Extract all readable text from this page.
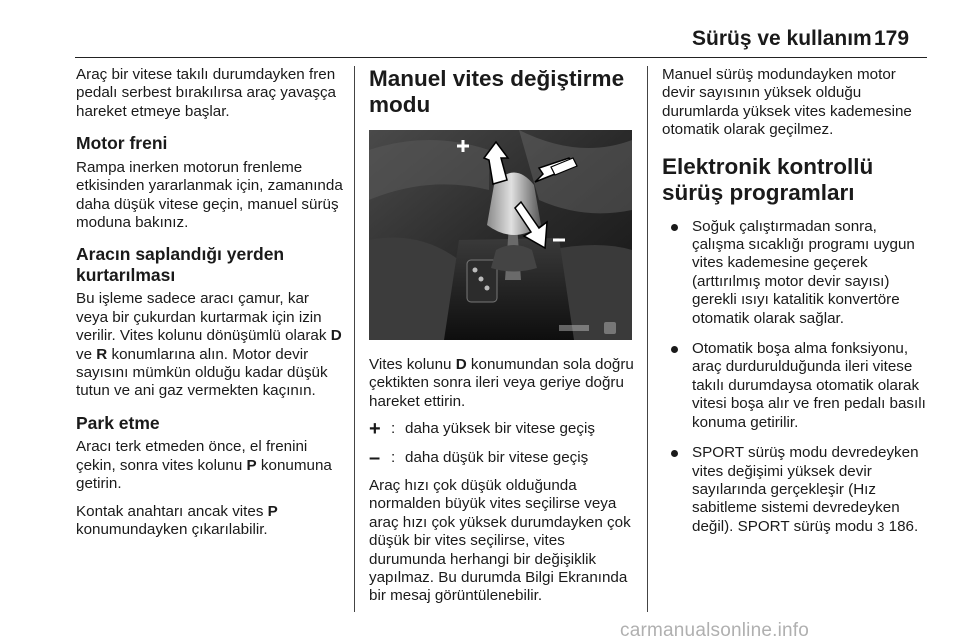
Sürüş ve kullanım 179

Araç bir vitese takılı durumdayken fren pedalı serbest bırakılırsa araç yavaşça hareket etmeye başlar.

Motor freni

Rampa inerken motorun frenleme etkisinden yararlanmak için, zamanında daha düşük vitese geçin, manuel sürüş moduna bakınız.

Aracın saplandığı yerden kurtarılması

Bu işleme sadece aracı çamur, kar veya bir çukurdan kurtarmak için izin verilir. Vites kolunu dönüşümlü olarak D ve R konumlarına alın. Motor devir sayısını mümkün olduğu kadar düşük tutun ve ani gaz vermekten kaçının.

Park etme

Aracı terk etmeden önce, el frenini çekin, sonra vites kolunu P konumuna getirin.

Kontak anahtarı ancak vites P konumundayken çıkarılabilir.

Manuel vites değiştirme modu

Vites kolunu D konumundan sola doğru çektikten sonra ileri veya geriye doğru hareket ettirin.

+ : daha yüksek bir vitese geçiş
– : daha düşük bir vitese geçiş

Araç hızı çok düşük olduğunda normalden büyük vites seçilirse veya araç hızı çok yüksek durumdayken çok düşük bir vites seçilirse, vites durumunda herhangi bir değişiklik yapılmaz. Bu durumda Bilgi Ekranında bir mesaj görüntülenebilir.

Manuel sürüş modundayken motor devir sayısının yüksek olduğu durumlarda yüksek vites kademesine otomatik olarak geçilmez.

Elektronik kontrollü sürüş programları
Soğuk çalıştırmadan sonra, çalışma sıcaklığı programı uygun vites kademesine geçerek (arttırılmış motor devir sayısı) gerekli ısıyı katalitik konvertöre otomatik olarak sağlar.
Otomatik boşa alma fonksiyonu, araç durdurulduğunda ileri vitese takılı durumdaysa otomatik olarak vitesi boşa alır ve fren pedalı basılı konuma getirilir.
SPORT sürüş modu devredeyken vites değişimi yüksek devir sayılarında gerçekleşir (Hız sabitleme sistemi devredeyken değil). SPORT sürüş modu 3 186.
carmanualsonline.info
